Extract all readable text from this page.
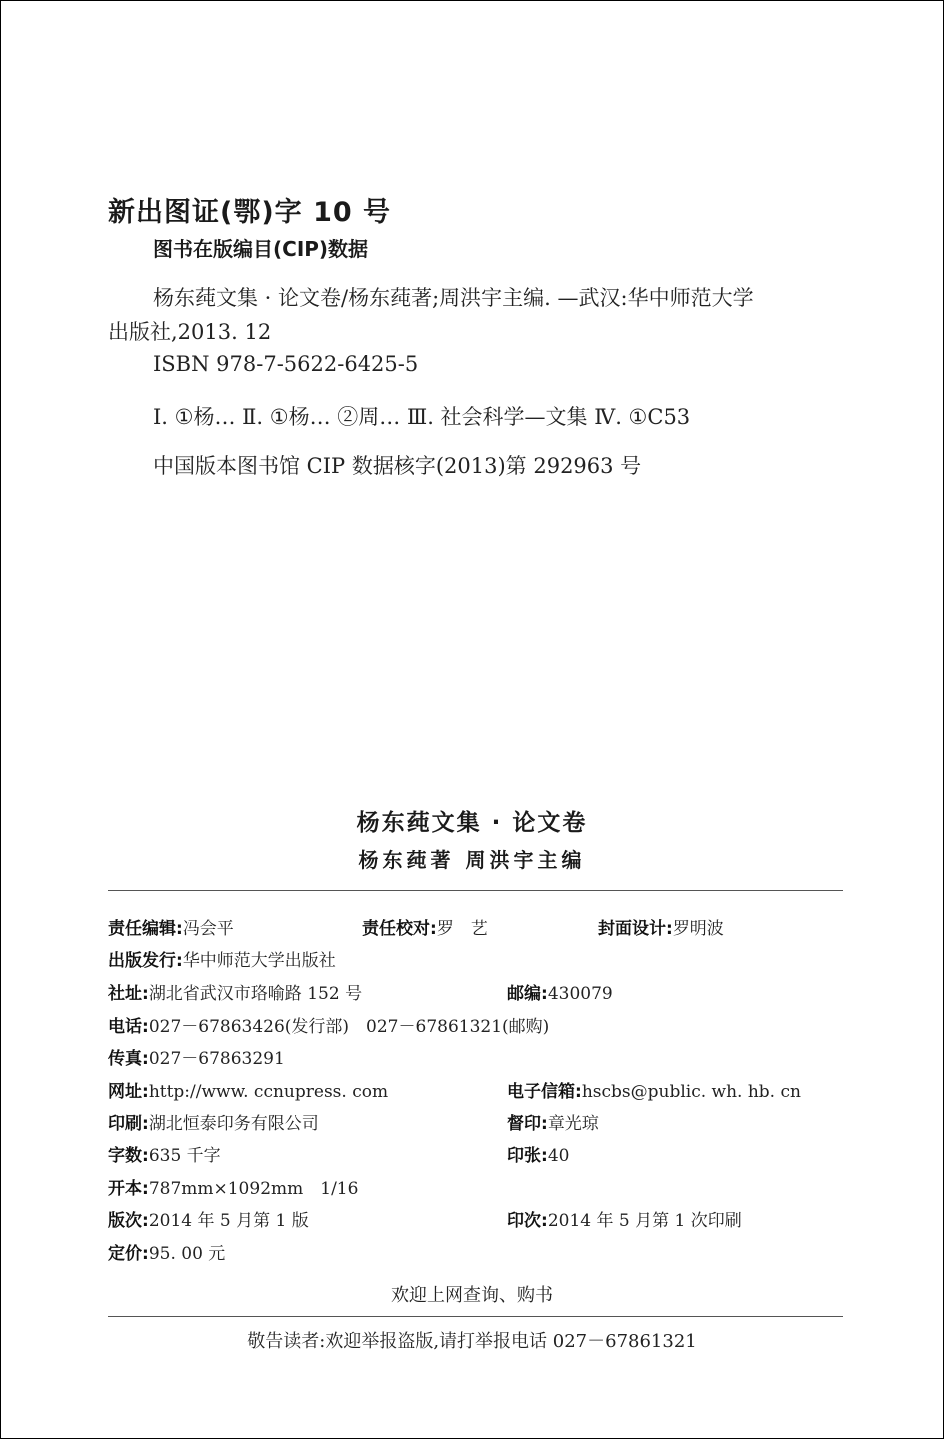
新出图证(鄂)字 10 号
图书在版编目(CIP)数据
杨东莼文集 · 论文卷/杨东莼著;周洪宇主编. —武汉:华中师范大学
出版社,2013. 12
ISBN 978-7-5622-6425-5
Ⅰ. ①杨… Ⅱ. ①杨… ②周… Ⅲ. 社会科学—文集 Ⅳ. ①C53
中国版本图书馆 CIP 数据核字(2013)第 292963 号
杨东莼文集 · 论文卷
杨东莼著 周洪宇主编
责任编辑:冯会平	责任校对:罗　艺	封面设计:罗明波
出版发行:华中师范大学出版社
社址:湖北省武汉市珞喻路 152 号	邮编:430079
电话:027－67863426(发行部)　027－67861321(邮购)
传真:027－67863291
网址:http://www. ccnupress. com	电子信箱:hscbs@public. wh. hb. cn
印刷:湖北恒泰印务有限公司	督印:章光琼
字数:635 千字	印张:40
开本:787mm×1092mm　1/16
版次:2014 年 5 月第 1 版	印次:2014 年 5 月第 1 次印刷
定价:95. 00 元
欢迎上网查询、购书
敬告读者:欢迎举报盗版,请打举报电话 027－67861321
